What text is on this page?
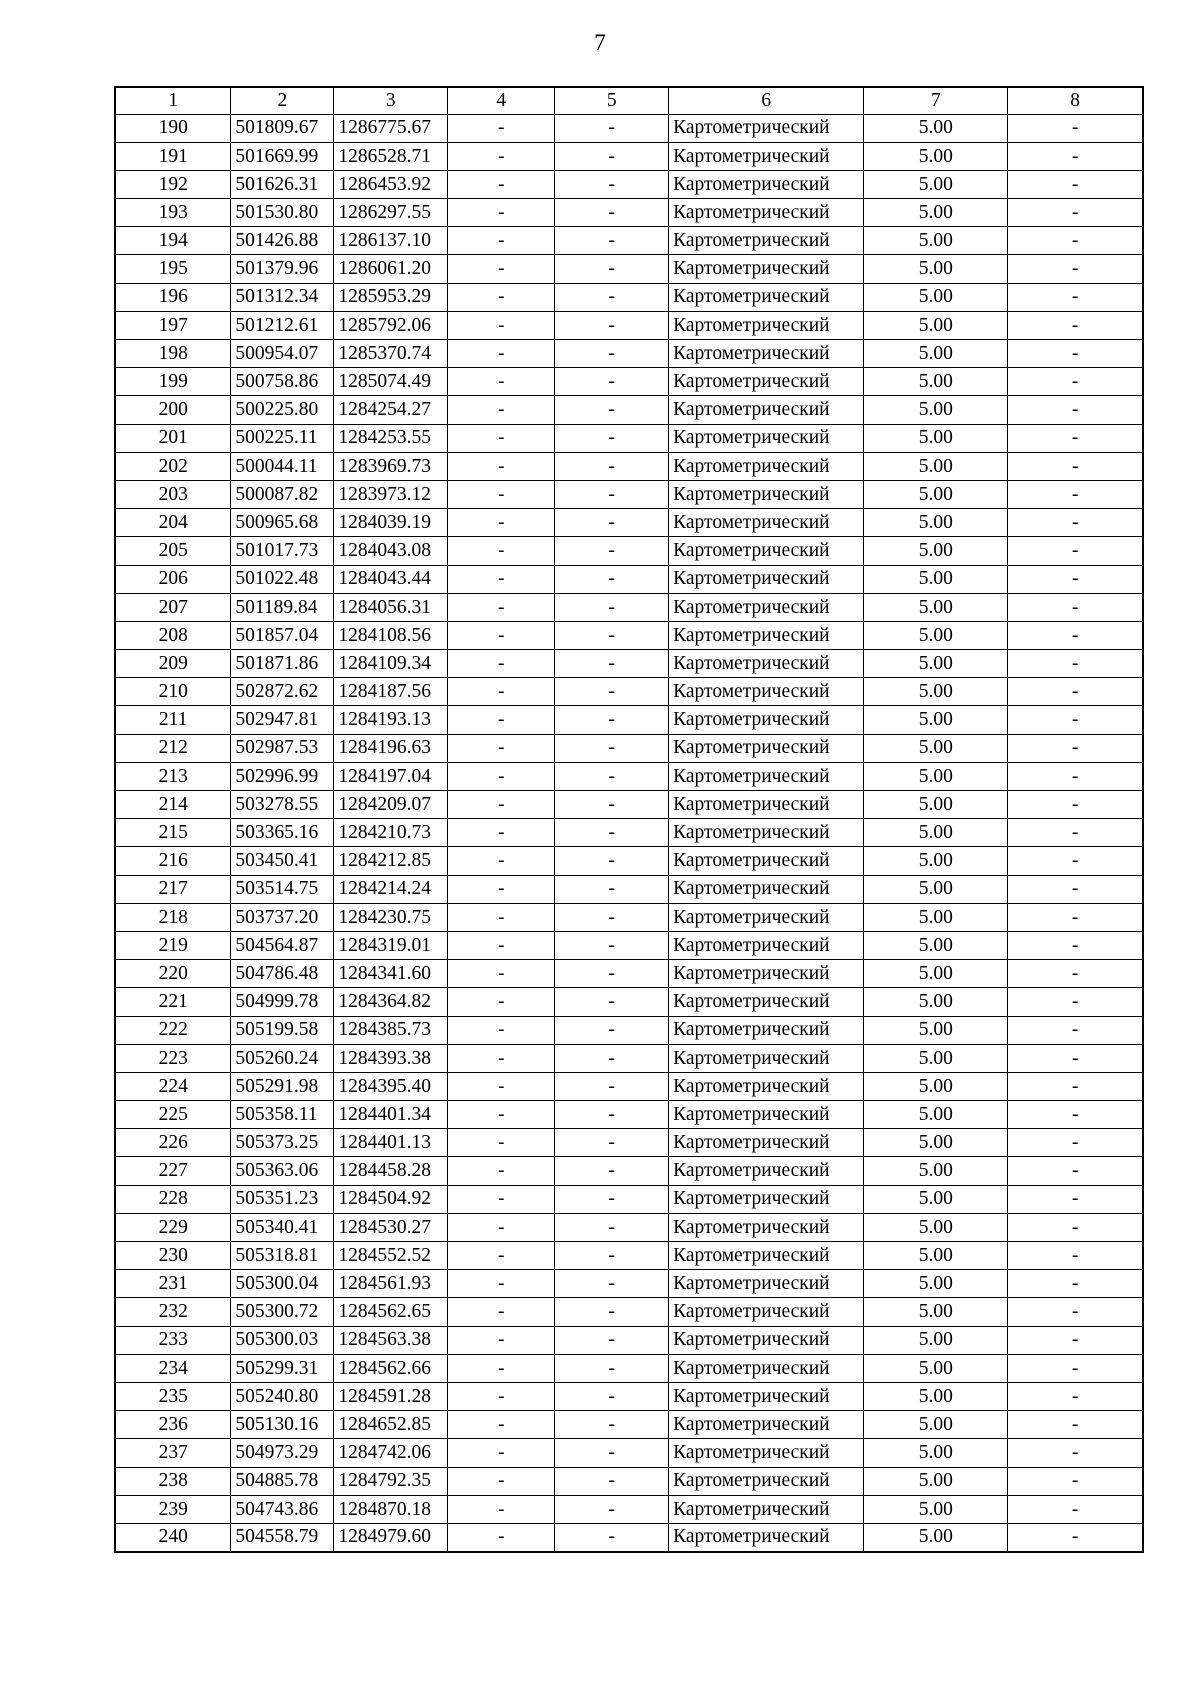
7
1	2	3	4	5	6	7	8
190	501809.67	1286775.67	-	-	Картометрический	5.00	-
191	501669.99	1286528.71	-	-	Картометрический	5.00	-
192	501626.31	1286453.92	-	-	Картометрический	5.00	-
193	501530.80	1286297.55	-	-	Картометрический	5.00	-
194	501426.88	1286137.10	-	-	Картометрический	5.00	-
195	501379.96	1286061.20	-	-	Картометрический	5.00	-
196	501312.34	1285953.29	-	-	Картометрический	5.00	-
197	501212.61	1285792.06	-	-	Картометрический	5.00	-
198	500954.07	1285370.74	-	-	Картометрический	5.00	-
199	500758.86	1285074.49	-	-	Картометрический	5.00	-
200	500225.80	1284254.27	-	-	Картометрический	5.00	-
201	500225.11	1284253.55	-	-	Картометрический	5.00	-
202	500044.11	1283969.73	-	-	Картометрический	5.00	-
203	500087.82	1283973.12	-	-	Картометрический	5.00	-
204	500965.68	1284039.19	-	-	Картометрический	5.00	-
205	501017.73	1284043.08	-	-	Картометрический	5.00	-
206	501022.48	1284043.44	-	-	Картометрический	5.00	-
207	501189.84	1284056.31	-	-	Картометрический	5.00	-
208	501857.04	1284108.56	-	-	Картометрический	5.00	-
209	501871.86	1284109.34	-	-	Картометрический	5.00	-
210	502872.62	1284187.56	-	-	Картометрический	5.00	-
211	502947.81	1284193.13	-	-	Картометрический	5.00	-
212	502987.53	1284196.63	-	-	Картометрический	5.00	-
213	502996.99	1284197.04	-	-	Картометрический	5.00	-
214	503278.55	1284209.07	-	-	Картометрический	5.00	-
215	503365.16	1284210.73	-	-	Картометрический	5.00	-
216	503450.41	1284212.85	-	-	Картометрический	5.00	-
217	503514.75	1284214.24	-	-	Картометрический	5.00	-
218	503737.20	1284230.75	-	-	Картометрический	5.00	-
219	504564.87	1284319.01	-	-	Картометрический	5.00	-
220	504786.48	1284341.60	-	-	Картометрический	5.00	-
221	504999.78	1284364.82	-	-	Картометрический	5.00	-
222	505199.58	1284385.73	-	-	Картометрический	5.00	-
223	505260.24	1284393.38	-	-	Картометрический	5.00	-
224	505291.98	1284395.40	-	-	Картометрический	5.00	-
225	505358.11	1284401.34	-	-	Картометрический	5.00	-
226	505373.25	1284401.13	-	-	Картометрический	5.00	-
227	505363.06	1284458.28	-	-	Картометрический	5.00	-
228	505351.23	1284504.92	-	-	Картометрический	5.00	-
229	505340.41	1284530.27	-	-	Картометрический	5.00	-
230	505318.81	1284552.52	-	-	Картометрический	5.00	-
231	505300.04	1284561.93	-	-	Картометрический	5.00	-
232	505300.72	1284562.65	-	-	Картометрический	5.00	-
233	505300.03	1284563.38	-	-	Картометрический	5.00	-
234	505299.31	1284562.66	-	-	Картометрический	5.00	-
235	505240.80	1284591.28	-	-	Картометрический	5.00	-
236	505130.16	1284652.85	-	-	Картометрический	5.00	-
237	504973.29	1284742.06	-	-	Картометрический	5.00	-
238	504885.78	1284792.35	-	-	Картометрический	5.00	-
239	504743.86	1284870.18	-	-	Картометрический	5.00	-
240	504558.79	1284979.60	-	-	Картометрический	5.00	-
